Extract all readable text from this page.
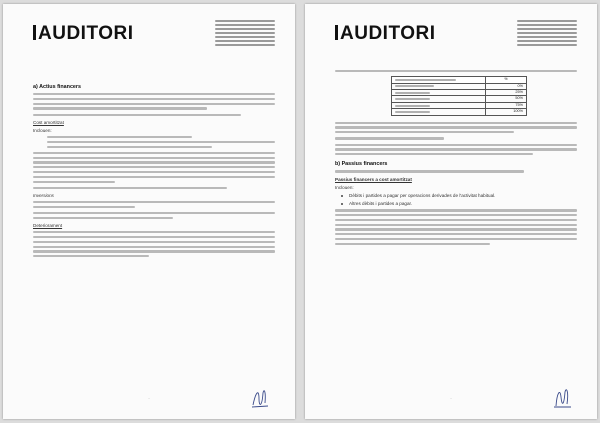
AUDITORI
a) Actius financers
Cost amortitzat
Inclouen:
Inversions
Deteriorament
·
AUDITORI
	%

	0%

	25%

	50%

	75%

	100%
b) Passius financers
Passius financers a cost amortitzat
Inclouen:
Dèbits i partides a pagar per operacions derivades de l'activitat habitual.
Altres dèbits i partides a pagar.
·
